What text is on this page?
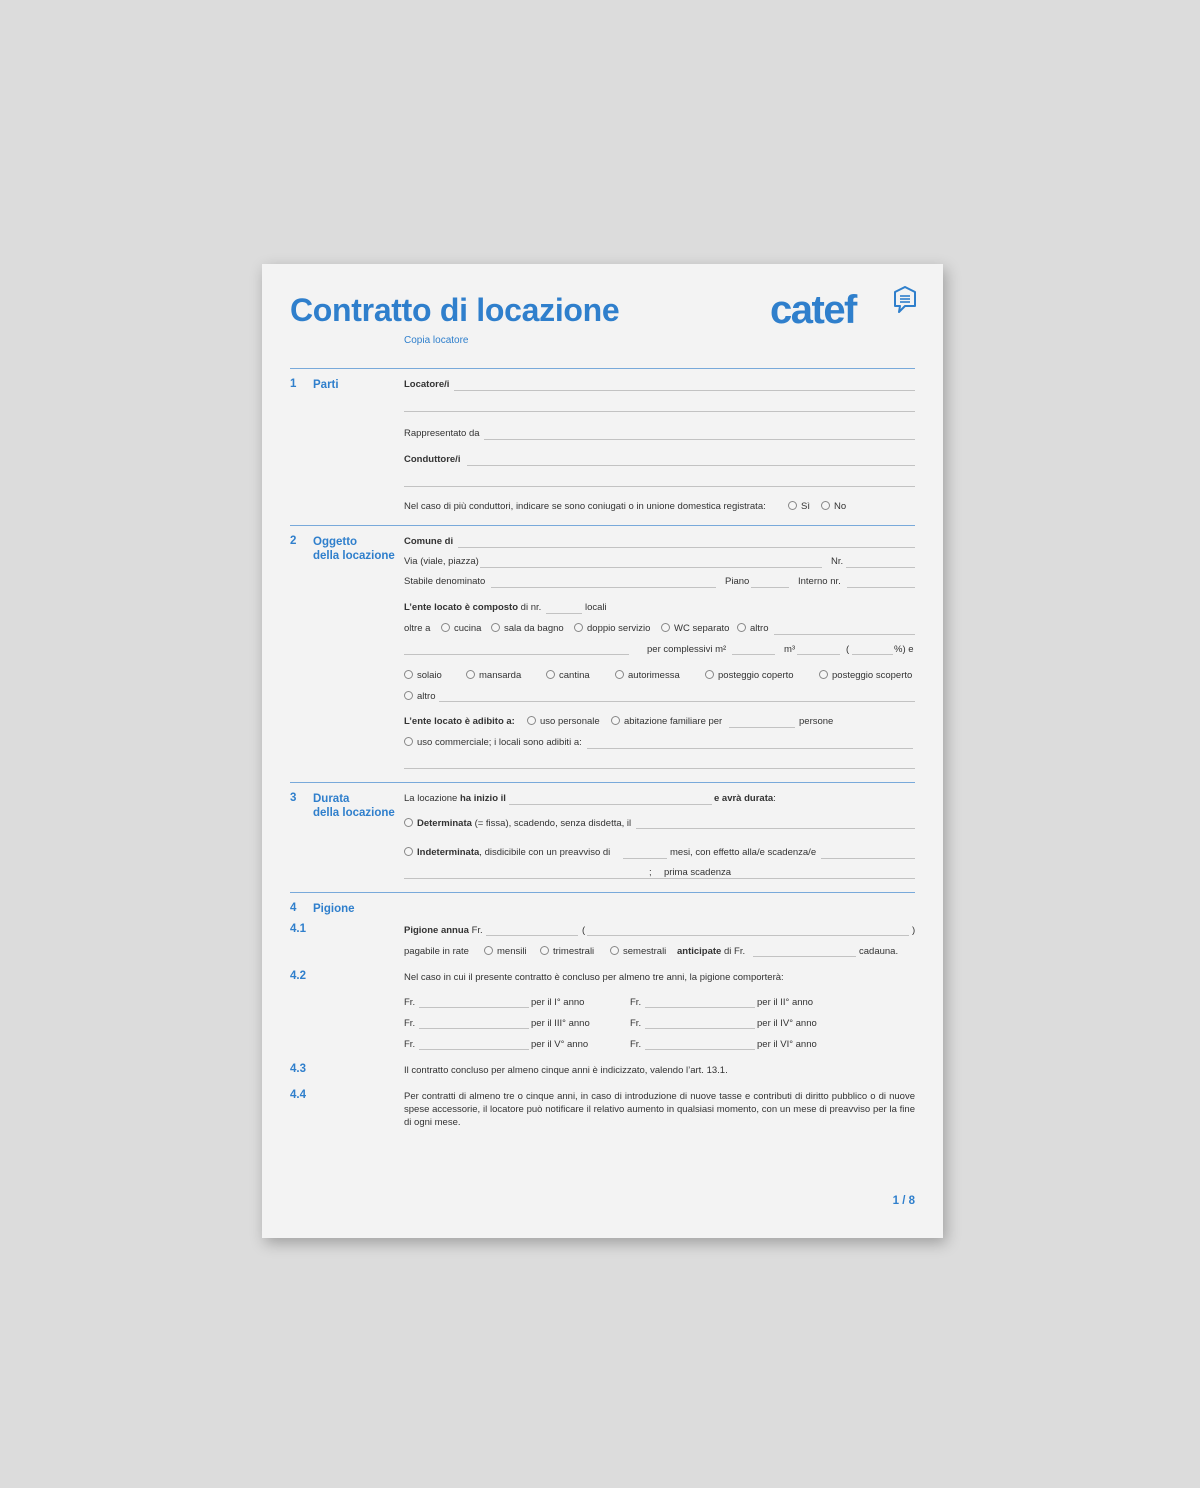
Contratto di locazione
Copia locatore
catef
1 Parti	Locatore/i
Rappresentato da
Conduttore/i
Nel caso di più conduttori, indicare se sono coniugati o in unione domestica registrata:	Sì	No
2 Oggetto
della locazione
Comune di
Via (viale, piazza)	Nr.
Stabile denominato	Piano	Interno nr.
L’ente locato è composto di nr.	locali
oltre a	cucina	sala da bagno	doppio servizio	WC separato	altro
per complessivi m²	m³	(	%) e
solaio	mansarda	cantina	autorimessa	posteggio coperto	posteggio scoperto
altro
L’ente locato è adibito a:	uso personale	abitazione familiare per	persone
uso commerciale; i locali sono adibiti a:
3 Durata
della locazione
La locazione ha inizio il	e avrà durata:
Determinata (= fissa), scadendo, senza disdetta, il
Indeterminata, disdicibile con un preavviso di	mesi, con effetto alla/e scadenza/e
; prima scadenza
4 Pigione
4.1	Pigione annua Fr.	(	)
pagabile in rate	mensili	trimestrali	semestrali anticipate di Fr.	cadauna.
4.2	Nel caso in cui il presente contratto è concluso per almeno tre anni, la pigione comporterà:
Fr.	per il I° anno	Fr.	per il II° anno
Fr.	per il III° anno	Fr.	per il IV° anno
Fr.	per il V° anno	Fr.	per il VI° anno
4.3	Il contratto concluso per almeno cinque anni è indicizzato, valendo l’art. 13.1.
4.4	Per contratti di almeno tre o cinque anni, in caso di introduzione di nuove tasse e contributi di diritto pubblico o di nuove spese accessorie, il locatore può notificare il relativo aumento in qualsiasi momento, con un mese di preavviso per la fine di ogni mese.
1 / 8
